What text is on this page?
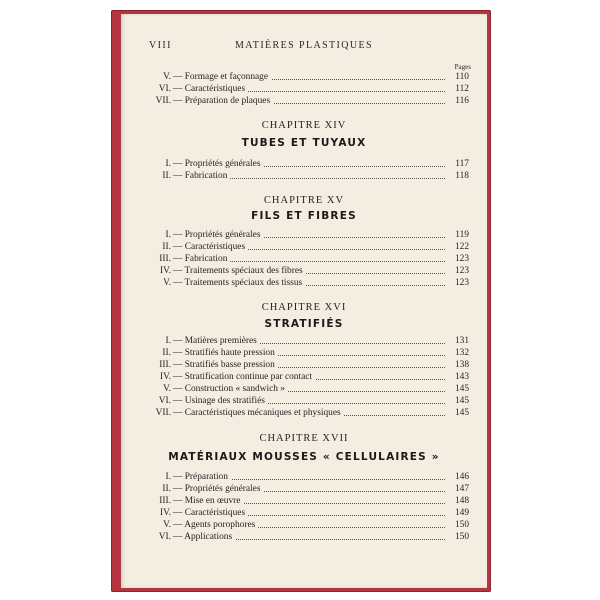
VIII	MATIÈRES PLASTIQUES
Pages
V. — Formage et façonnage	110
VI. — Caractéristiques	112
VII. — Préparation de plaques	116
CHAPITRE XIV
TUBES ET TUYAUX
I. — Propriétés générales	117
II. — Fabrication	118
CHAPITRE XV
FILS ET FIBRES
I. — Propriétés générales	119
II. — Caractéristiques	122
III. — Fabrication	123
IV. — Traitements spéciaux des fibres	123
V. — Traitements spéciaux des tissus	123
CHAPITRE XVI
STRATIFIÉS
I. — Matières premières	131
II. — Stratifiés haute pression	132
III. — Stratifiés basse pression	138
IV. — Stratification continue par contact	143
V. — Construction « sandwich »	145
VI. — Usinage des stratifiés	145
VII. — Caractéristiques mécaniques et physiques	145
CHAPITRE XVII
MATÉRIAUX MOUSSES « CELLULAIRES »
I. — Préparation	146
II. — Propriétés générales	147
III. — Mise en œuvre	148
IV. — Caractéristiques	149
V. — Agents porophores	150
VI. — Applications	150
